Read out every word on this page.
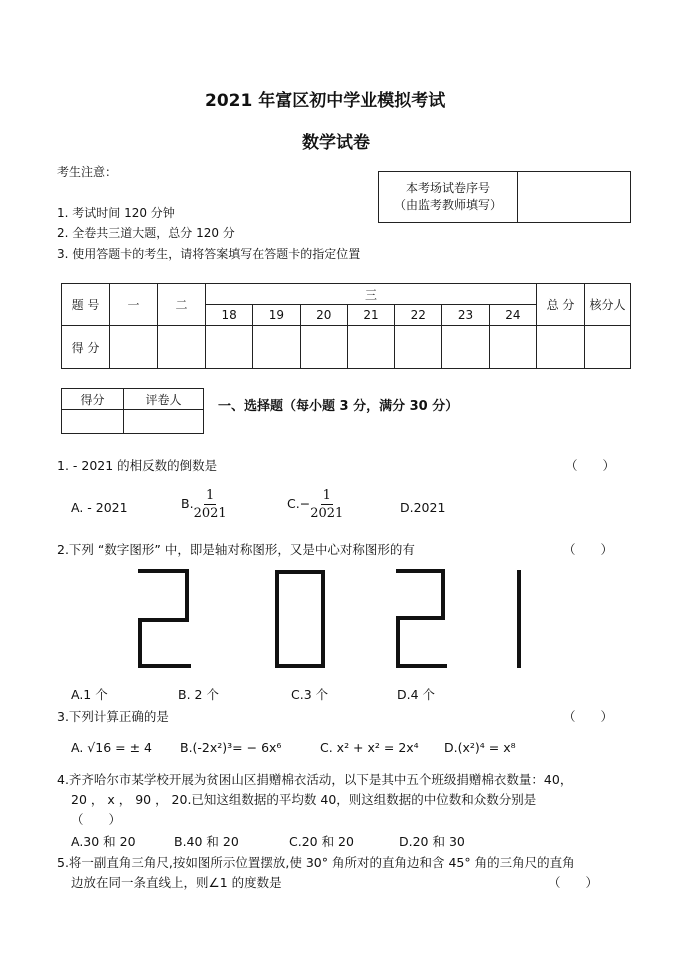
2021 年富区初中学业模拟考试
数学试卷
考生注意：
1. 考试时间 120 分钟
2. 全卷共三道大题，总分 120 分
3. 使用答题卡的考生，请将答案填写在答题卡的指定位置
本考场试卷序号
（由监考教师填写）

题 号	一	二	三							总 分	核分人
			18	19	20	21	22	23	24		
得 分											
得分	评卷人
		一、选择题（每小题 3 分，满分 30 分）
1. - 2021 的相反数的倒数是	（　　）
A. - 2021	B. $\frac{1}{2021}$	$C.- \frac{1}{2021}$	D.2021
2.下列 “数字图形” 中，即是轴对称图形，又是中心对称图形的有	（　　）
A.1 个	B. 2 个	C.3 个	D.4 个
3.下列计算正确的是	（　　）
A. √16 = ± 4 B.(-2x²)³= − 6x⁶	C. x² + x² = 2x⁴ D.(x²)⁴ = x⁸
4.齐齐哈尔市某学校开展为贫困山区捐赠棉衣活动，以下是其中五个班级捐赠棉衣数量：40，
20 ， x ， 90 ， 20.已知这组数据的平均数 40，则这组数据的中位数和众数分别是
（　　）
A.30 和 20	B.40 和 20	C.20 和 20	D.20 和 30
5.将一副直角三角尺,按如图所示位置摆放,使 30° 角所对的直角边和含 45° 角的三角尺的直角
边放在同一条直线上，则∠1 的度数是	（　　）
